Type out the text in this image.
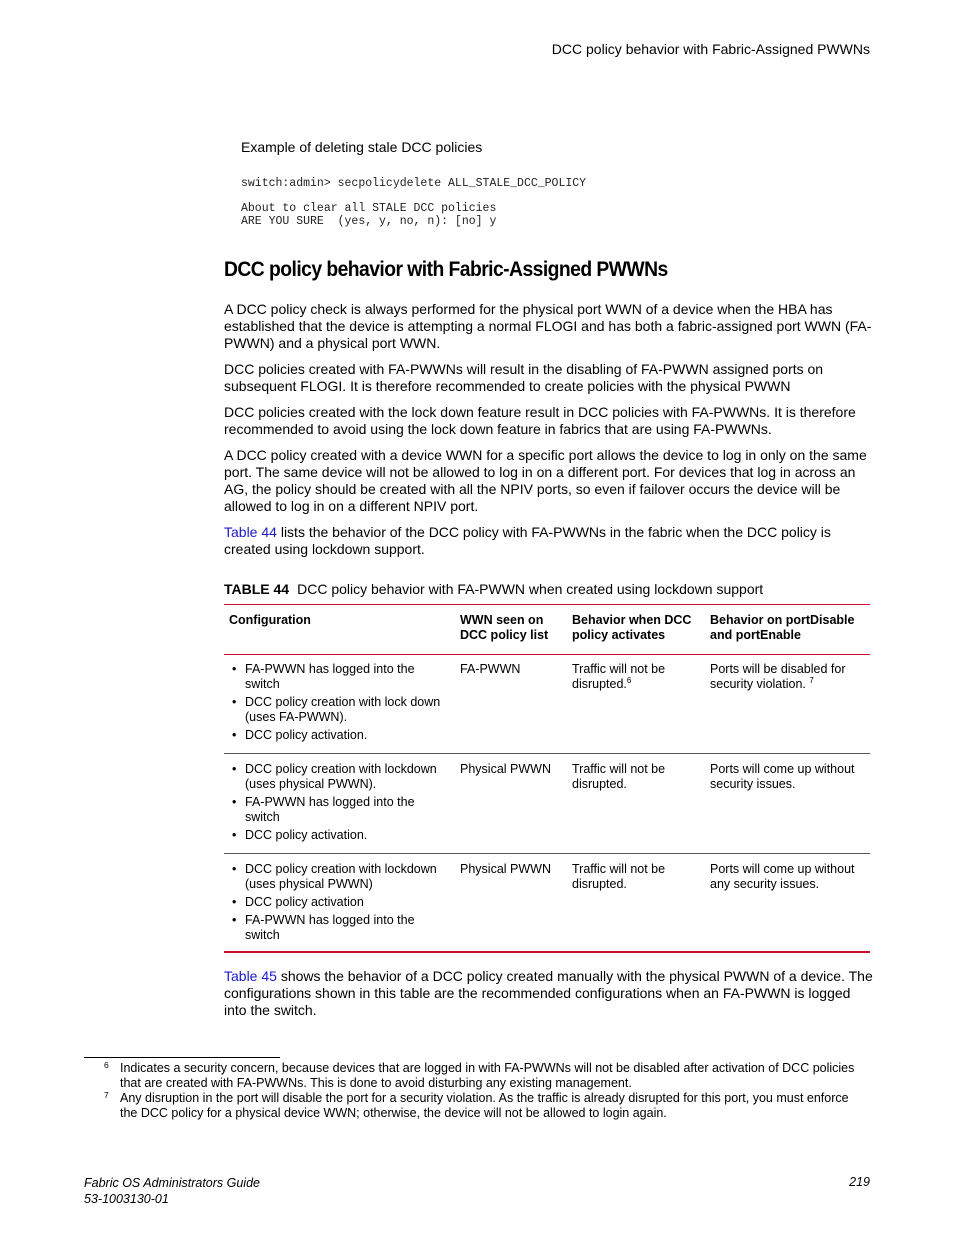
DCC policy behavior with Fabric-Assigned PWWNs
Example of deleting stale DCC policies
switch:admin> secpolicydelete ALL_STALE_DCC_POLICY
About to clear all STALE DCC policies
ARE YOU SURE  (yes, y, no, n): [no] y
DCC policy behavior with Fabric-Assigned PWWNs
A DCC policy check is always performed for the physical port WWN of a device when the HBA has established that the device is attempting a normal FLOGI and has both a fabric-assigned port WWN (FA-PWWN) and a physical port WWN.
DCC policies created with FA-PWWNs will result in the disabling of FA-PWWN assigned ports on subsequent FLOGI. It is therefore recommended to create policies with the physical PWWN
DCC policies created with the lock down feature result in DCC policies with FA-PWWNs. It is therefore recommended to avoid using the lock down feature in fabrics that are using FA-PWWNs.
A DCC policy created with a device WWN for a specific port allows the device to log in only on the same port. The same device will not be allowed to log in on a different port. For devices that log in across an AG, the policy should be created with all the NPIV ports, so even if failover occurs the device will be allowed to log in on a different NPIV port.
Table 44 lists the behavior of the DCC policy with FA-PWWNs in the fabric when the DCC policy is created using lockdown support.
TABLE 44 DCC policy behavior with FA-PWWN when created using lockdown support
Configuration	WWN seen on
DCC policy list
Behavior when DCC
policy activates
Behavior on portDisable
and portEnable
• FA-PWWN has logged into the switch
• DCC policy creation with lock down (uses FA-PWWN).
• DCC policy activation.
FA-PWWN	Traffic will not be disrupted.$^6$
Ports will be disabled for security violation. $^7$
• DCC policy creation with lockdown (uses physical PWWN).
• FA-PWWN has logged into the switch
• DCC policy activation.
Physical PWWN Traffic will not be disrupted.
Ports will come up without security issues.
• DCC policy creation with lockdown (uses physical PWWN)
• DCC policy activation
• FA-PWWN has logged into the switch
Physical PWWN Traffic will not be disrupted.
Ports will come up without any security issues.
Table 45 shows the behavior of a DCC policy created manually with the physical PWWN of a device. The configurations shown in this table are the recommended configurations when an FA-PWWN is logged into the switch.
6 Indicates a security concern, because devices that are logged in with FA-PWWNs will not be disabled after activation of DCC policies that are created with FA-PWWNs. This is done to avoid disturbing any existing management.
7 Any disruption in the port will disable the port for a security violation. As the traffic is already disrupted for this port, you must enforce the DCC policy for a physical device WWN; otherwise, the device will not be allowed to login again.
Fabric OS Administrators Guide
53-1003130-01
219
